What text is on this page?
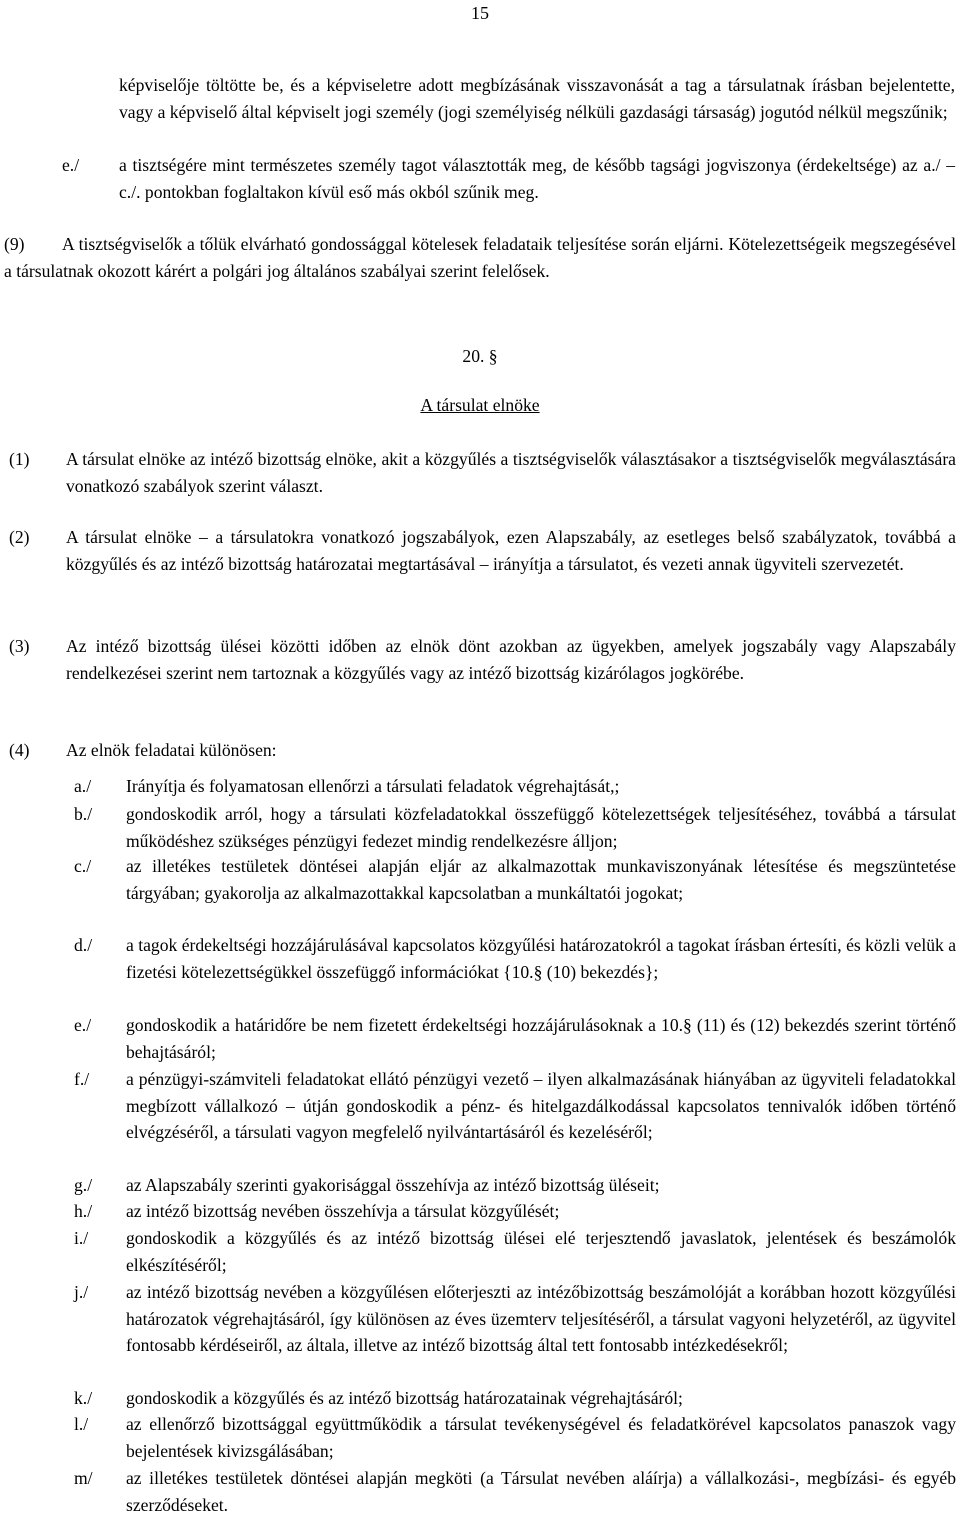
15
képviselője töltötte be, és a képviseletre adott megbízásának visszavonását a tag a társulatnak írásban bejelentette, vagy a képviselő által képviselt jogi személy (jogi személyiség nélküli gazdasági társaság) jogutód nélkül megszűnik;
e./ a tisztségére mint természetes személy tagot választották meg, de később tagsági jogviszonya (érdekeltsége) az a./ – c./. pontokban foglaltakon kívül eső más okból szűnik meg.
(9)	A tisztségviselők a tőlük elvárható gondossággal kötelesek feladataik teljesítése során eljárni. Kötelezettségeik megszegésével a társulatnak okozott kárért a polgári jog általános szabályai szerint felelősek.
20. §
A társulat elnöke
(1) A társulat elnöke az intéző bizottság elnöke, akit a közgyűlés a tisztségviselők választásakor a tisztségviselők megválasztására vonatkozó szabályok szerint választ.
(2) A társulat elnöke – a társulatokra vonatkozó jogszabályok, ezen Alapszabály, az esetleges belső szabályzatok, továbbá a közgyűlés és az intéző bizottság határozatai megtartásával – irányítja a társulatot, és vezeti annak ügyviteli szervezetét.
(3) Az intéző bizottság ülései közötti időben az elnök dönt azokban az ügyekben, amelyek jogszabály vagy Alapszabály rendelkezései szerint nem tartoznak a közgyűlés vagy az intéző bizottság kizárólagos jogkörébe.
(4) Az elnök feladatai különösen:
a./ Irányítja és folyamatosan ellenőrzi a társulati feladatok végrehajtását,;
b./ gondoskodik arról, hogy a társulati közfeladatokkal összefüggő kötelezettségek teljesítéséhez, továbbá a társulat működéshez szükséges pénzügyi fedezet mindig rendelkezésre álljon;
c./ az illetékes testületek döntései alapján eljár az alkalmazottak munkaviszonyának létesítése és megszüntetése tárgyában; gyakorolja az alkalmazottakkal kapcsolatban a munkáltatói jogokat;
d./ a tagok érdekeltségi hozzájárulásával kapcsolatos közgyűlési határozatokról a tagokat írásban értesíti, és közli velük a fizetési kötelezettségükkel összefüggő információkat {10.§ (10) bekezdés};
e./ gondoskodik a határidőre be nem fizetett érdekeltségi hozzájárulásoknak a 10.§ (11) és (12) bekezdés szerint történő behajtásáról;
f./ a pénzügyi-számviteli feladatokat ellátó pénzügyi vezető – ilyen alkalmazásának hiányában az ügyviteli feladatokkal megbízott vállalkozó – útján gondoskodik a pénz- és hitelgazdálkodással kapcsolatos tennivalók időben történő elvégzéséről, a társulati vagyon megfelelő nyilvántartásáról és kezeléséről;
g./ az Alapszabály szerinti gyakorisággal összehívja az intéző bizottság üléseit;
h./ az intéző bizottság nevében összehívja a társulat közgyűlését;
i./ gondoskodik a közgyűlés és az intéző bizottság ülései elé terjesztendő javaslatok, jelentések és beszámolók elkészítéséről;
j./ az intéző bizottság nevében a közgyűlésen előterjeszti az intézőbizottság beszámolóját a korábban hozott közgyűlési határozatok végrehajtásáról, így különösen az éves üzemterv teljesítéséről, a társulat vagyoni helyzetéről, az ügyvitel fontosabb kérdéseiről, az általa, illetve az intéző bizottság által tett fontosabb intézkedésekről;
k./ gondoskodik a közgyűlés és az intéző bizottság határozatainak végrehajtásáról;
l./ az ellenőrző bizottsággal együttműködik a társulat tevékenységével és feladatkörével kapcsolatos panaszok vagy bejelentések kivizsgálásában;
m/ az illetékes testületek döntései alapján megköti (a Társulat nevében aláírja) a vállalkozási-, megbízási- és egyéb szerződéseket.
